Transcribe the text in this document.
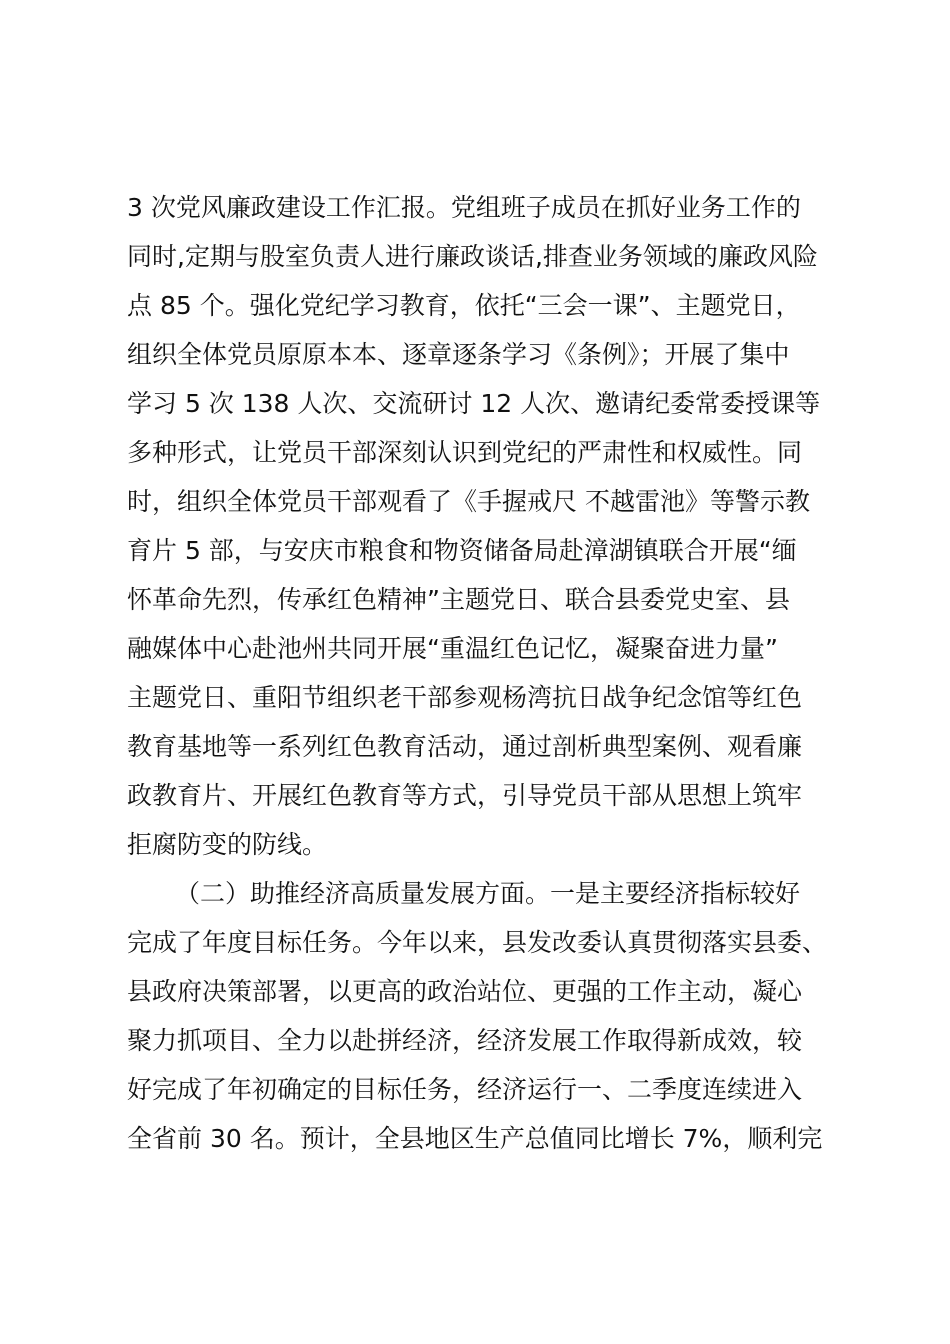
3 次党风廉政建设工作汇报。党组班子成员在抓好业务工作的
同时,定期与股室负责人进行廉政谈话,排查业务领域的廉政风险
点 85 个。强化党纪学习教育，依托“三会一课”、主题党日，
组织全体党员原原本本、逐章逐条学习《条例》；开展了集中
学习 5 次 138 人次、交流研讨 12 人次、邀请纪委常委授课等
多种形式，让党员干部深刻认识到党纪的严肃性和权威性。同
时，组织全体党员干部观看了《手握戒尺 不越雷池》等警示教
育片 5 部，与安庆市粮食和物资储备局赴漳湖镇联合开展“缅
怀革命先烈，传承红色精神”主题党日、联合县委党史室、县
融媒体中心赴池州共同开展“重温红色记忆，凝聚奋进力量”
主题党日、重阳节组织老干部参观杨湾抗日战争纪念馆等红色
教育基地等一系列红色教育活动，通过剖析典型案例、观看廉
政教育片、开展红色教育等方式，引导党员干部从思想上筑牢
拒腐防变的防线。
（二）助推经济高质量发展方面。一是主要经济指标较好
完成了年度目标任务。今年以来，县发改委认真贯彻落实县委、
县政府决策部署，以更高的政治站位、更强的工作主动，凝心
聚力抓项目、全力以赴拼经济，经济发展工作取得新成效，较
好完成了年初确定的目标任务，经济运行一、二季度连续进入
全省前 30 名。预计，全县地区生产总值同比增长 7%，顺利完
